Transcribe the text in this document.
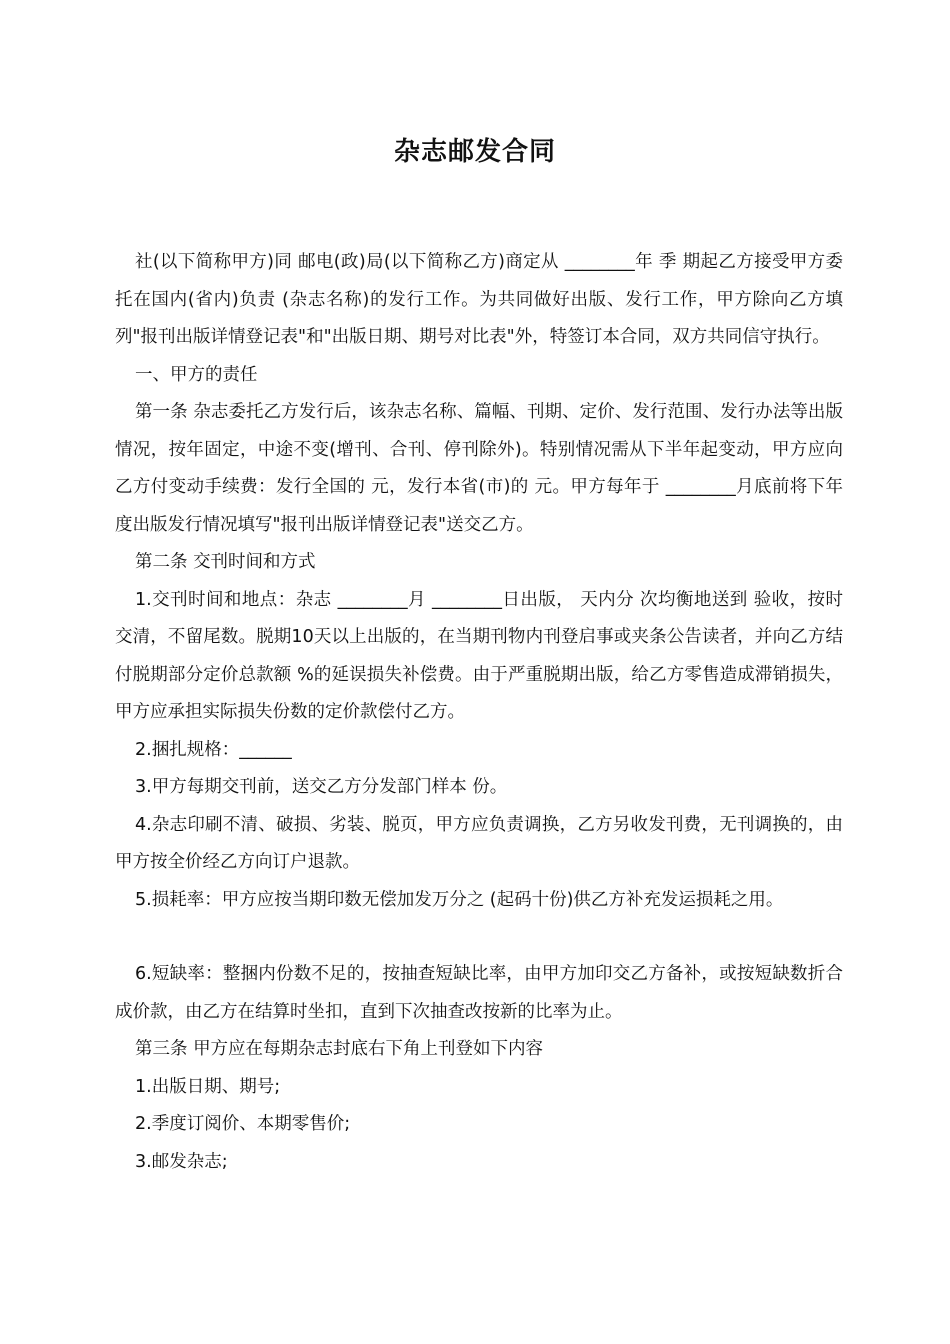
杂志邮发合同

社(以下简称甲方)同 邮电(政)局(以下简称乙方)商定从 ________年 季 期起乙方接受甲方委托在国内(省内)负责 (杂志名称)的发行工作。为共同做好出版、发行工作，甲方除向乙方填列"报刊出版详情登记表"和"出版日期、期号对比表"外，特签订本合同，双方共同信守执行。

一、甲方的责任

第一条 杂志委托乙方发行后，该杂志名称、篇幅、刊期、定价、发行范围、发行办法等出版情况，按年固定，中途不变(增刊、合刊、停刊除外)。特别情况需从下半年起变动，甲方应向乙方付变动手续费：发行全国的 元，发行本省(市)的 元。甲方每年于 ________月底前将下年度出版发行情况填写"报刊出版详情登记表"送交乙方。

第二条 交刊时间和方式

1.交刊时间和地点：杂志 ________月 ________日出版， 天内分 次均衡地送到 验收，按时交清，不留尾数。脱期10天以上出版的，在当期刊物内刊登启事或夹条公告读者，并向乙方结付脱期部分定价总款额 %的延误损失补偿费。由于严重脱期出版，给乙方零售造成滞销损失，甲方应承担实际损失份数的定价款偿付乙方。

2.捆扎规格：______

3.甲方每期交刊前，送交乙方分发部门样本 份。

4.杂志印刷不清、破损、劣装、脱页，甲方应负责调换，乙方另收发刊费，无刊调换的，由甲方按全价经乙方向订户退款。

5.损耗率：甲方应按当期印数无偿加发万分之 (起码十份)供乙方补充发运损耗之用。

6.短缺率：整捆内份数不足的，按抽查短缺比率，由甲方加印交乙方备补，或按短缺数折合成价款，由乙方在结算时坐扣，直到下次抽查改按新的比率为止。

第三条 甲方应在每期杂志封底右下角上刊登如下内容

1.出版日期、期号;

2.季度订阅价、本期零售价;

3.邮发杂志;
